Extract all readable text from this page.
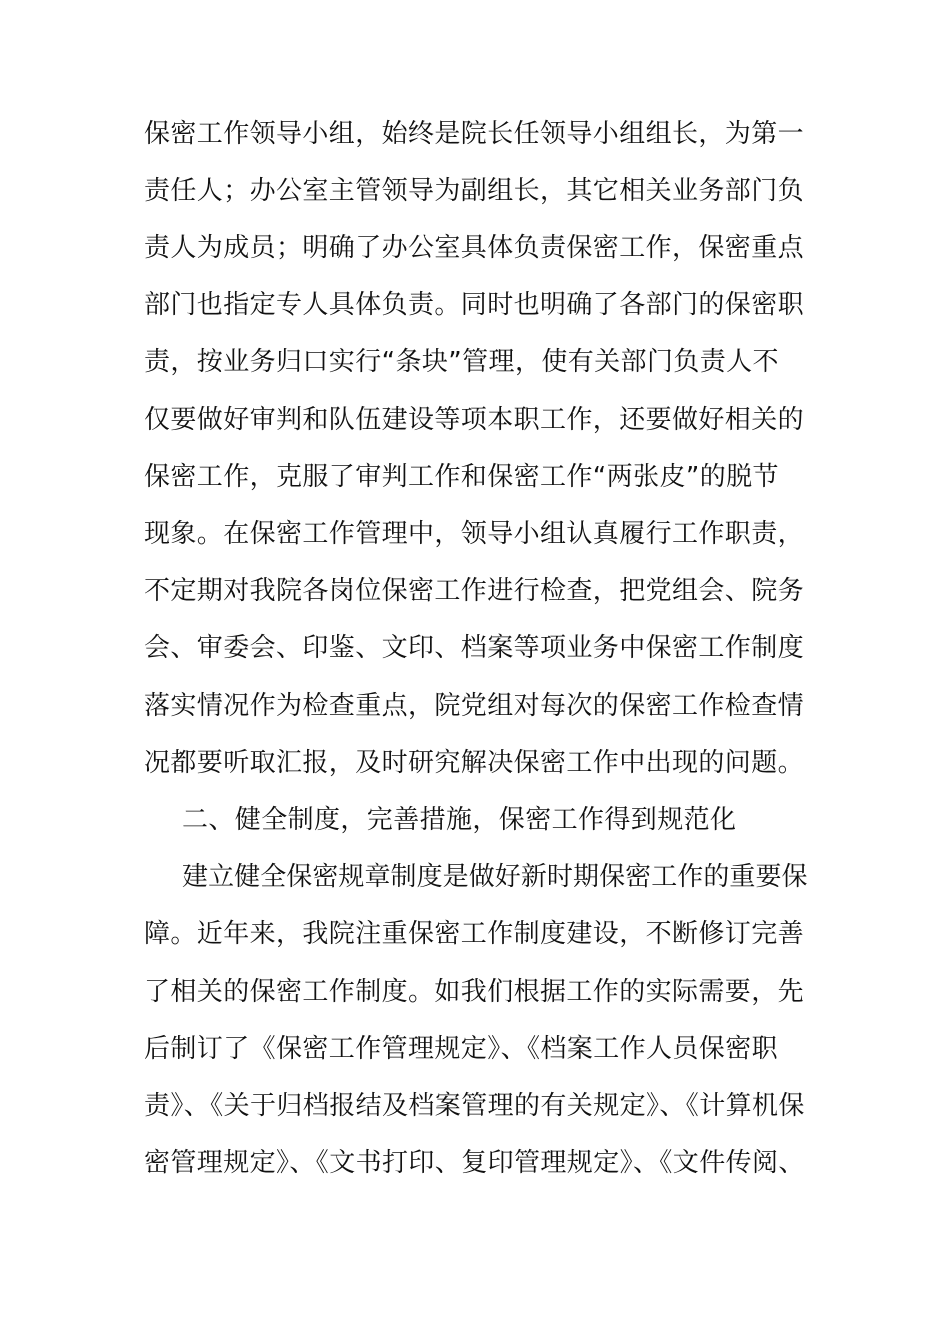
保密工作领导小组，始终是院长任领导小组组长，为第一
责任人；办公室主管领导为副组长，其它相关业务部门负
责人为成员；明确了办公室具体负责保密工作，保密重点
部门也指定专人具体负责。同时也明确了各部门的保密职
责，按业务归口实行“条块”管理，使有关部门负责人不
仅要做好审判和队伍建设等项本职工作，还要做好相关的
保密工作，克服了审判工作和保密工作“两张皮”的脱节
现象。在保密工作管理中，领导小组认真履行工作职责，
不定期对我院各岗位保密工作进行检查，把党组会、院务
会、审委会、印鉴、文印、档案等项业务中保密工作制度
落实情况作为检查重点，院党组对每次的保密工作检查情
况都要听取汇报，及时研究解决保密工作中出现的问题。
二、健全制度，完善措施，保密工作得到规范化
建立健全保密规章制度是做好新时期保密工作的重要保
障。近年来，我院注重保密工作制度建设，不断修订完善
了相关的保密工作制度。如我们根据工作的实际需要，先
后制订了《保密工作管理规定》、《档案工作人员保密职
责》、《关于归档报结及档案管理的有关规定》、《计算机保
密管理规定》、《文书打印、复印管理规定》、《文件传阅、
